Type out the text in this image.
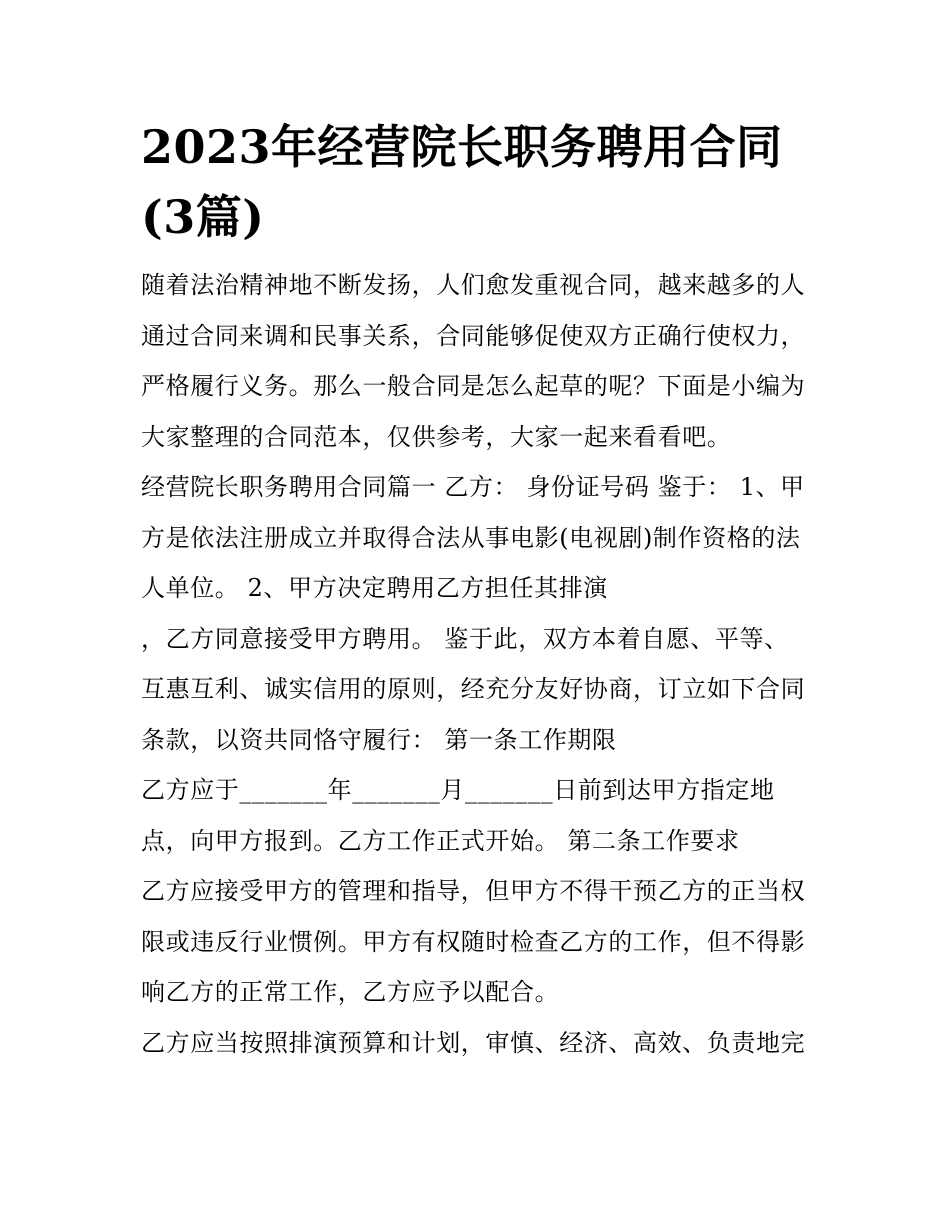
2023年经营院长职务聘用合同
(3篇)
随着法治精神地不断发扬，人们愈发重视合同，越来越多的人
通过合同来调和民事关系，合同能够促使双方正确行使权力，
严格履行义务。那么一般合同是怎么起草的呢？下面是小编为
大家整理的合同范本，仅供参考，大家一起来看看吧。
经营院长职务聘用合同篇一 乙方： 身份证号码 鉴于： 1、甲
方是依法注册成立并取得合法从事电影(电视剧)制作资格的法
人单位。 2、甲方决定聘用乙方担任其排演
，乙方同意接受甲方聘用。 鉴于此，双方本着自愿、平等、
互惠互利、诚实信用的原则，经充分友好协商，订立如下合同
条款，以资共同恪守履行： 第一条工作期限
乙方应于_______年_______月_______日前到达甲方指定地
点，向甲方报到。乙方工作正式开始。 第二条工作要求
乙方应接受甲方的管理和指导，但甲方不得干预乙方的正当权
限或违反行业惯例。甲方有权随时检查乙方的工作，但不得影
响乙方的正常工作，乙方应予以配合。
乙方应当按照排演预算和计划，审慎、经济、高效、负责地完
